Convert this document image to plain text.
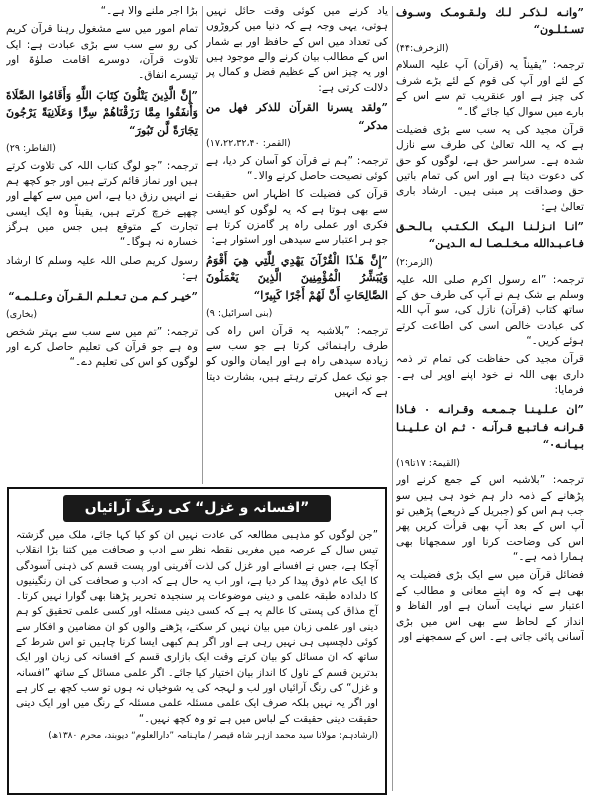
”وانـه لـذكـر لـك ولـقـومـک وسـوف تسـئـلـون“

(الزخرف:۴۴)

ترجمہ: ”یقیناً یہ (قرآن) آپ علیہ السلام کے لئے اور آپ کی قوم کے لئے بڑے شرف کی چیز ہے اور عنقریب تم سے اس کے بارے میں سوال کیا جائے گا۔“

قرآن مجید کی یہ سب سے بڑی فضیلت ہے کہ یہ اللہ تعالیٰ کی طرف سے نازل شدہ ہے۔ سراسر حق ہے، لوگوں کو حق کی دعوت دیتا ہے اور اس کی تمام باتیں حق وصداقت پر مبنی ہیں۔ ارشاد باری تعالیٰ ہے:

”انـا انـزلـنـا الـيـک الـکـتـب بـالـحـق فـاعـبـدالله مـخـلـصـا لـه الـديـن“

(الزمر:۲)

ترجمہ: ”اے رسول اکرم صلی اللہ علیہ وسلم بے شک ہم نے آپ کی طرف حق کے ساتھ کتاب (قرآن) نازل کی، سو آپ اللہ کی عبادت خالص اسی کی اطاعت کرتے ہوئے کریں۔“

قرآن مجید کی حفاظت کی تمام تر ذمہ داری بھی اللہ نے خود اپنے اوپر لی ہے۔ فرمایا:

”ان عـلـيـنـا جـمـعـه وقـرانـه ۰ فـاذا قـرانـه فـاتـبـع قـرآنـه ۰ ثـم ان عـلـيـنـا بـيـانـه۰“

(القیمۃ: ۱۷تا۱۹)

ترجمہ: ”بلاشبہ اس کے جمع کرنے اور پڑھانے کے ذمہ دار ہم خود ہی ہیں سو جب ہم اس کو (جبریل کے ذریعے) پڑھیں تو آپ اس کے بعد آپ بھی قرأت کریں پھر اس کی وضاحت کرنا اور سمجھانا بھی ہمارا ذمہ ہے۔“

فضائل قرآن میں سے ایک بڑی فضیلت یہ بھی ہے کہ وہ اپنے معانی و مطالب کے اعتبار سے نہایت آسان ہے اور الفاظ و انداز کے لحاظ سے بھی اس میں بڑی آسانی پائی جاتی ہے۔ اس کے سمجھنے اور

یاد کرنے میں کوئی وقت حائل نہیں ہوتی، یہی وجہ ہے کہ دنیا میں کروڑوں کی تعداد میں اس کے حافظ اور بے شمار اس کے مطالب بیان کرنے والے موجود ہیں اور یہ چیز اس کے عظیم فضل و کمال پر دلالت کرتی ہے:

”ولقد يسرنا القرآن للذكر فهل من مدكر“

(القمر: ۱۷،۲۲،۳۲،۴۰)

ترجمہ: ”ہم نے قرآن کو آسان کر دیا، ہے کوئی نصیحت حاصل کرنے والا۔“

قرآن کی فضیلت کا اظہار اس حقیقت سے بھی ہوتا ہے کہ یہ لوگوں کو ایسی فکری اور عملی راہ پر گامزن کرتا ہے جو ہر اعتبار سے سیدھی اور استوار ہے:

”إِنَّ هَـٰذَا الْقُرْآنَ يَهْدِي لِلَّتِي هِيَ أَقْوَمُ وَيُبَشِّرُ الْمُؤْمِنِينَ الَّذِينَ يَعْمَلُونَ الصَّالِحَاتِ أَنَّ لَهُمْ أَجْرًا كَبِيرًا“

(بنی اسرائیل: ۹)

ترجمہ: ”بلاشبہ یہ قرآن اس راہ کی طرف راہنمائی کرتا ہے جو سب سے زیادہ سیدھی راہ ہے اور ایمان والوں کو جو نیک عمل کرتے رہتے ہیں، بشارت دیتا ہے کہ انہیں

بڑا اجر ملنے والا ہے۔“

تمام امور میں سے مشغول رہنا قرآن کریم کی رو سے سب سے بڑی عبادت ہے: ایک تلاوت قرآن، دوسرے اقامت صلوٰۃ اور تیسرے انفاق۔

”إِنَّ الَّذِينَ يَتْلُونَ كِتَابَ اللَّهِ وَأَقَامُوا الصَّلَاةَ وَأَنفَقُوا مِمَّا رَزَقْنَاهُمْ سِرًّا وَعَلَانِيَةً يَرْجُونَ تِجَارَةً لَّن تَبُورَ“

(الفاطر: ۲۹)

ترجمہ: ”جو لوگ کتاب اللہ کی تلاوت کرتے ہیں اور نماز قائم کرتے ہیں اور جو کچھ ہم نے انہیں رزق دیا ہے، اس میں سے کھلے اور چھپے خرچ کرتے ہیں، یقیناً وہ ایک ایسی تجارت کے متوقع ہیں جس میں ہرگز خسارہ نہ ہوگا۔“

رسول کریم صلی اللہ علیہ وسلم کا ارشاد ہے:

”خيـر كـم مـن تـعـلـم الـقـرآن وعـلـمـه“

(بخاری)

ترجمہ: ”تم میں سے سب سے بہتر شخص وہ ہے جو قرآن کی تعلیم حاصل کرے اور لوگوں کو اس کی تعلیم دے۔“

”افسانہ و غزل“ کی رنگ آرائیاں

”جن لوگوں کو مذہبی مطالعہ کی عادت نہیں ان کو کیا کہا جائے، ملک میں گزشتہ تیس سال کے عرصہ میں مغربی نقطہ نظر سے ادب و صحافت میں کتنا بڑا انقلاب آچکا ہے، جس نے افسانے اور غزل کی لذت آفرینی اور پست قسم کی ذہنی آسودگی کا ایک عام ذوق پیدا کر دیا ہے، اور اب یہ حال ہے کہ ادب و صحافت کی ان رنگینیوں کا دلدادہ طبقہ علمی و دینی موضوعات پر سنجیدہ تحریر پڑھنا بھی گوارا نہیں کرتا۔ آج مذاق کی پستی کا عالم یہ ہے کہ کسی دینی مسئلہ اور کسی علمی تحقیق کو ہم دینی اور علمی زبان میں بیان نہیں کر سکتے، پڑھنے والوں کو ان مضامین و افکار سے کوئی دلچسپی ہی نہیں رہی ہے اور اگر ہم کبھی ایسا کرنا چاہیں تو اس شرط کے ساتھ کہ ان مسائل کو بیان کرتے وقت ایک بازاری قسم کے افسانہ کی زبان اور ایک بدترین قسم کے ناول کا انداز بیان اختیار کیا جائے۔ اگر علمی مسائل کے ساتھ ”افسانہ و غزل“ کی رنگ آرائیاں اور لب و لہجہ کی یہ شوخیاں نہ ہوں تو سب کچھ بے کار ہے اور اگر یہ نہیں بلکہ صرف ایک علمی مسئلہ علمی مسئلہ کے رنگ میں اور ایک دینی حقیقت دینی حقیقت کے لباس میں ہے تو وہ کچھ نہیں۔“

(ارشادہم: مولانا سید محمد ازہر شاہ قیصر / ماہنامہ ”دارالعلوم“ دیوبند، محرم ۱۳۸۰ھ)
